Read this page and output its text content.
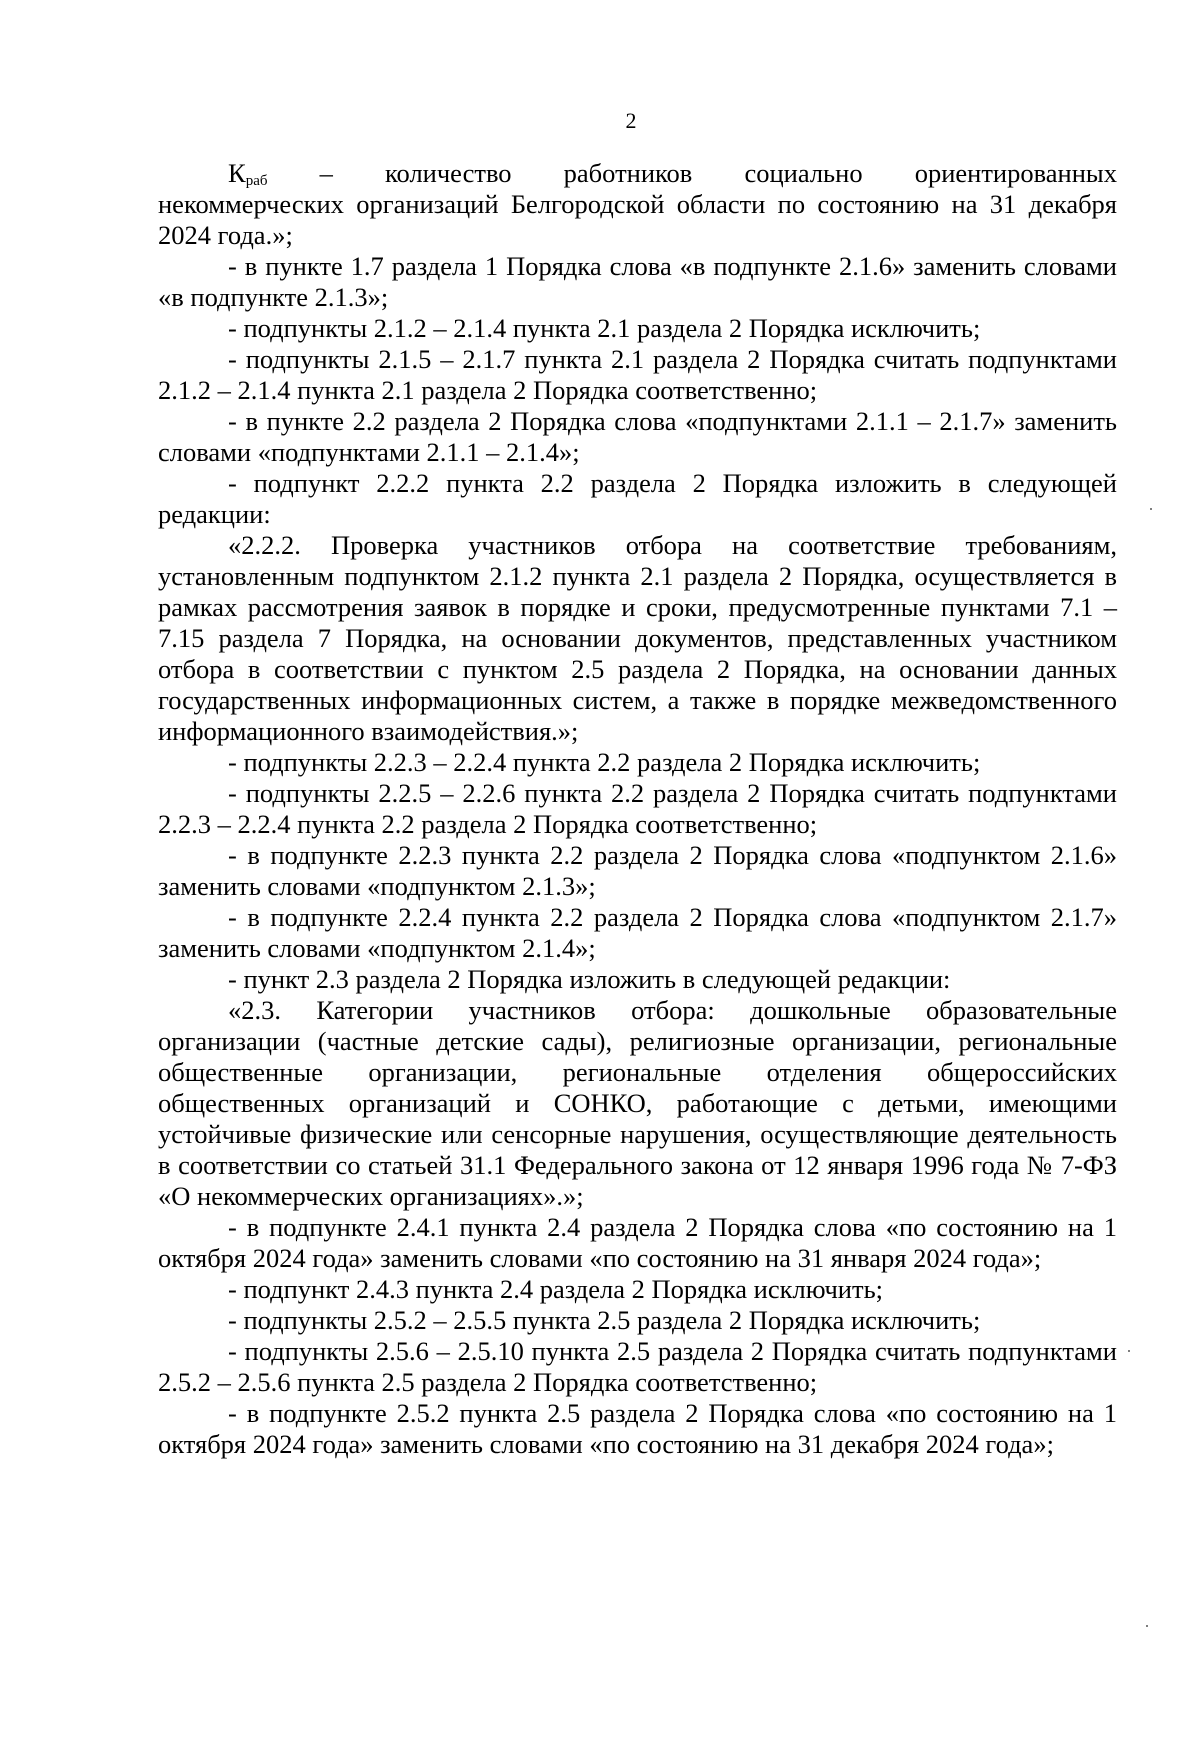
2
$К_{раб}$ – количество работников социально ориентированных

некоммерческих организаций Белгородской области по состоянию на 31 декабря 2024 года.»;

- в пункте 1.7 раздела 1 Порядка слова «в подпункте 2.1.6» заменить словами «в подпункте 2.1.3»;

- подпункты 2.1.2 – 2.1.4 пункта 2.1 раздела 2 Порядка исключить;

- подпункты 2.1.5 – 2.1.7 пункта 2.1 раздела 2 Порядка считать подпунктами 2.1.2 – 2.1.4 пункта 2.1 раздела 2 Порядка соответственно;

- в пункте 2.2 раздела 2 Порядка слова «подпунктами 2.1.1 – 2.1.7» заменить словами «подпунктами 2.1.1 – 2.1.4»;

- подпункт 2.2.2 пункта 2.2 раздела 2 Порядка изложить в следующей редакции:

«2.2.2. Проверка участников отбора на соответствие требованиям, установленным подпунктом 2.1.2 пункта 2.1 раздела 2 Порядка, осуществляется в рамках рассмотрения заявок в порядке и сроки, предусмотренные пунктами 7.1 – 7.15 раздела 7 Порядка, на основании документов, представленных участником отбора в соответствии с пунктом 2.5 раздела 2 Порядка, на основании данных государственных информационных систем, а также в порядке межведомственного информационного взаимодействия.»;

- подпункты 2.2.3 – 2.2.4 пункта 2.2 раздела 2 Порядка исключить;

- подпункты 2.2.5 – 2.2.6 пункта 2.2 раздела 2 Порядка считать подпунктами 2.2.3 – 2.2.4 пункта 2.2 раздела 2 Порядка соответственно;

- в подпункте 2.2.3 пункта 2.2 раздела 2 Порядка слова «подпунктом 2.1.6» заменить словами «подпунктом 2.1.3»;

- в подпункте 2.2.4 пункта 2.2 раздела 2 Порядка слова «подпунктом 2.1.7» заменить словами «подпунктом 2.1.4»;

- пункт 2.3 раздела 2 Порядка изложить в следующей редакции:

«2.3. Категории участников отбора: дошкольные образовательные организации (частные детские сады), религиозные организации, региональные общественные организации, региональные отделения общероссийских общественных организаций и СОНКО, работающие с детьми, имеющими устойчивые физические или сенсорные нарушения, осуществляющие деятельность в соответствии со статьей 31.1 Федерального закона от 12 января 1996 года № 7-ФЗ «О некоммерческих организациях».»;

- в подпункте 2.4.1 пункта 2.4 раздела 2 Порядка слова «по состоянию на 1 октября 2024 года» заменить словами «по состоянию на 31 января 2024 года»;

- подпункт 2.4.3 пункта 2.4 раздела 2 Порядка исключить;

- подпункты 2.5.2 – 2.5.5 пункта 2.5 раздела 2 Порядка исключить;

- подпункты 2.5.6 – 2.5.10 пункта 2.5 раздела 2 Порядка считать подпунктами 2.5.2 – 2.5.6 пункта 2.5 раздела 2 Порядка соответственно;

- в подпункте 2.5.2 пункта 2.5 раздела 2 Порядка слова «по состоянию на 1 октября 2024 года» заменить словами «по состоянию на 31 декабря 2024 года»;
